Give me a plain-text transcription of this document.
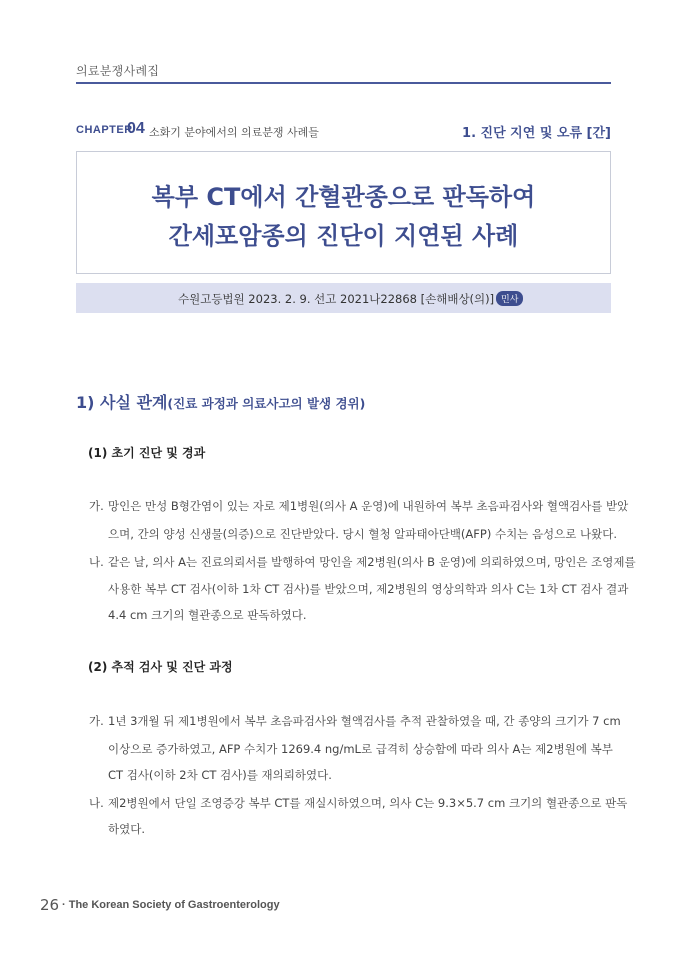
의료분쟁사례집
CHAPTER
04 소화기 분야에서의 의료분쟁 사례들	1. 진단 지연 및 오류 [간]
복부 CT에서 간혈관종으로 판독하여
간세포암종의 진단이 지연된 사례
수원고등법원 2023. 2. 9. 선고 2021나22868 [손해배상(의)] 민사
1) 사실 관계(진료 과정과 의료사고의 발생 경위)
(1) 초기 진단 및 경과
가. 망인은 만성 B형간염이 있는 자로 제1병원(의사 A 운영)에 내원하여 복부 초음파검사와 혈액검사를 받았
으며, 간의 양성 신생물(의증)으로 진단받았다. 당시 혈청 알파태아단백(AFP) 수치는 음성으로 나왔다.
나. 같은 날, 의사 A는 진료의뢰서를 발행하여 망인을 제2병원(의사 B 운영)에 의뢰하였으며, 망인은 조영제를
사용한 복부 CT 검사(이하 1차 CT 검사)를 받았으며, 제2병원의 영상의학과 의사 C는 1차 CT 검사 결과
4.4 cm 크기의 혈관종으로 판독하였다.
(2) 추적 검사 및 진단 과정
가. 1년 3개월 뒤 제1병원에서 복부 초음파검사와 혈액검사를 추적 관찰하였을 때, 간 종양의 크기가 7 cm
이상으로 증가하였고, AFP 수치가 1269.4 ng/mL로 급격히 상승함에 따라 의사 A는 제2병원에 복부
CT 검사(이하 2차 CT 검사)를 재의뢰하였다.
나. 제2병원에서 단일 조영증강 복부 CT를 재실시하였으며, 의사 C는 9.3×5.7 cm 크기의 혈관종으로 판독
하였다.
26 · The Korean Society of Gastroenterology
